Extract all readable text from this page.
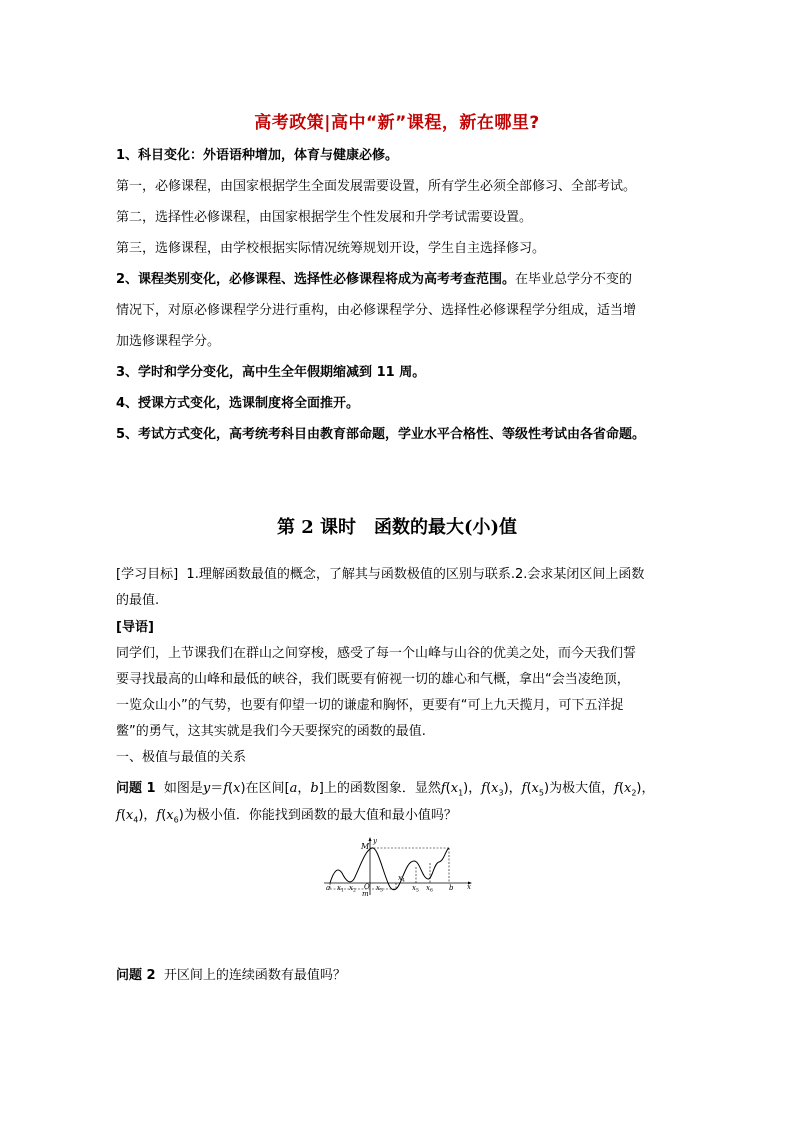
高考政策|高中“新”课程，新在哪里?
1、科目变化：外语语种增加，体育与健康必修。
第一，必修课程，由国家根据学生全面发展需要设置，所有学生必须全部修习、全部考试。
第二，选择性必修课程，由国家根据学生个性发展和升学考试需要设置。
第三，选修课程，由学校根据实际情况统筹规划开设，学生自主选择修习。
2、课程类别变化，必修课程、选择性必修课程将成为高考考查范围。在毕业总学分不变的
情况下，对原必修课程学分进行重构，由必修课程学分、选择性必修课程学分组成，适当增
加选修课程学分。
3、学时和学分变化，高中生全年假期缩减到 11 周。
4、授课方式变化，选课制度将全面推开。
5、考试方式变化，高考统考科目由教育部命题，学业水平合格性、等级性考试由各省命题。
第 2 课时 函数的最大(小)值
[学习目标] 1.理解函数最值的概念，了解其与函数极值的区别与联系.2.会求某闭区间上函数
的最值.
[导语]
同学们，上节课我们在群山之间穿梭，感受了每一个山峰与山谷的优美之处，而今天我们誓
要寻找最高的山峰和最低的峡谷，我们既要有俯视一切的雄心和气概，拿出“会当凌绝顶，
一览众山小”的气势，也要有仰望一切的谦虚和胸怀，更要有“可上九天揽月，可下五洋捉
鳖”的勇气，这其实就是我们今天要探究的函数的最值.
一、极值与最值的关系
问题 1 如图是y＝f(x)在区间[a，b]上的函数图象．显然$f(x_1)$，$f(x_3)$，$f(x_5)$为极大值，$f(x_2)$，
$f(x_4)$，$f(x_6)$为极小值．你能找到函数的最大值和最小值吗？
M
y
x
a	b
O
m
$x_1$ $x_2$	$x_3$
$x_4$
$x_5$ $x_6$
问题 2 开区间上的连续函数有最值吗？
